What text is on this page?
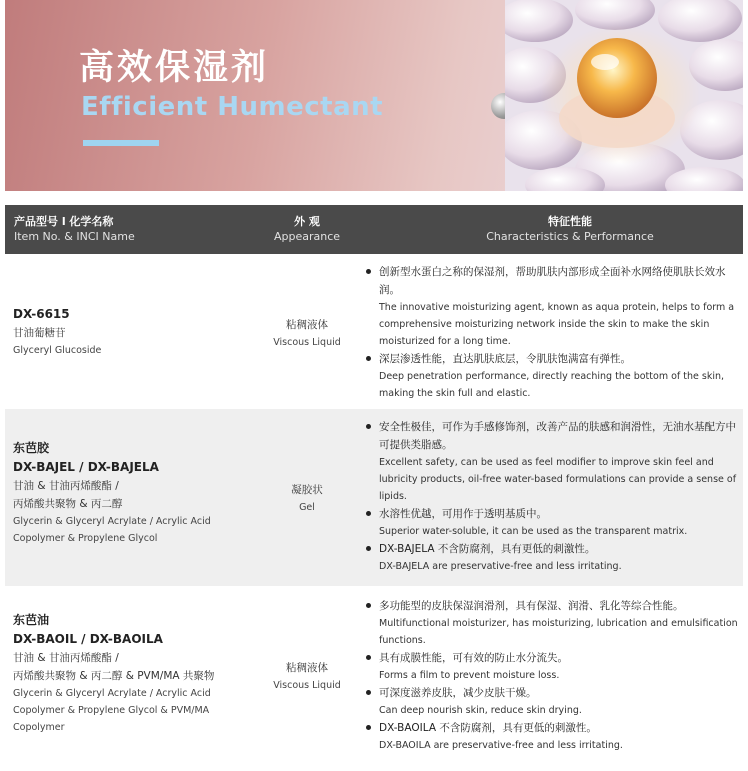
高效保湿剂
Efficient Humectant
产品型号 l 化学名称
Item No. & INCI Name
外 观
Appearance
特征性能
Characteristics & Performance
DX-6615
甘油葡糖苷
Glyceryl Glucoside
粘稠液体
Viscous Liquid
创新型水蛋白之称的保湿剂，帮助肌肤内部形成全面补水网络使肌肤长效水润。
The innovative moisturizing agent, known as aqua protein, helps to form a comprehensive moisturizing network inside the skin to make the skin moisturized for a long time.
深层渗透性能，直达肌肤底层，令肌肤饱满富有弹性。
Deep penetration performance, directly reaching the bottom of the skin, making the skin full and elastic.
东芭胶
DX-BAJEL / DX-BAJELA
甘油 & 甘油丙烯酸酯 /
丙烯酸共聚物 & 丙二醇
Glycerin & Glyceryl Acrylate / Acrylic Acid
Copolymer & Propylene Glycol
凝胶状
Gel
安全性极佳，可作为手感修饰剂，改善产品的肤感和润滑性，无油水基配方中可提供类脂感。
Excellent safety, can be used as feel modifier to improve skin feel and lubricity products, oil-free water-based formulations can provide a sense of lipids.
水溶性优越，可用作于透明基质中。
Superior water-soluble, it can be used as the transparent matrix.
DX-BAJELA 不含防腐剂，具有更低的刺激性。
DX-BAJELA are preservative-free and less irritating.
东芭油
DX-BAOIL / DX-BAOILA
甘油 & 甘油丙烯酸酯 /
丙烯酸共聚物 & 丙二醇 & PVM/MA 共聚物
Glycerin & Glyceryl Acrylate / Acrylic Acid
Copolymer & Propylene Glycol & PVM/MA
Copolymer
粘稠液体
Viscous Liquid
多功能型的皮肤保湿润滑剂，具有保湿、润滑、乳化等综合性能。
Multifunctional moisturizer, has moisturizing, lubrication and emulsification functions.
具有成膜性能，可有效的防止水分流失。
Forms a film to prevent moisture loss.
可深度滋养皮肤，减少皮肤干燥。
Can deep nourish skin, reduce skin drying.
DX-BAOILA 不含防腐剂，具有更低的刺激性。
DX-BAOILA are preservative-free and less irritating.
